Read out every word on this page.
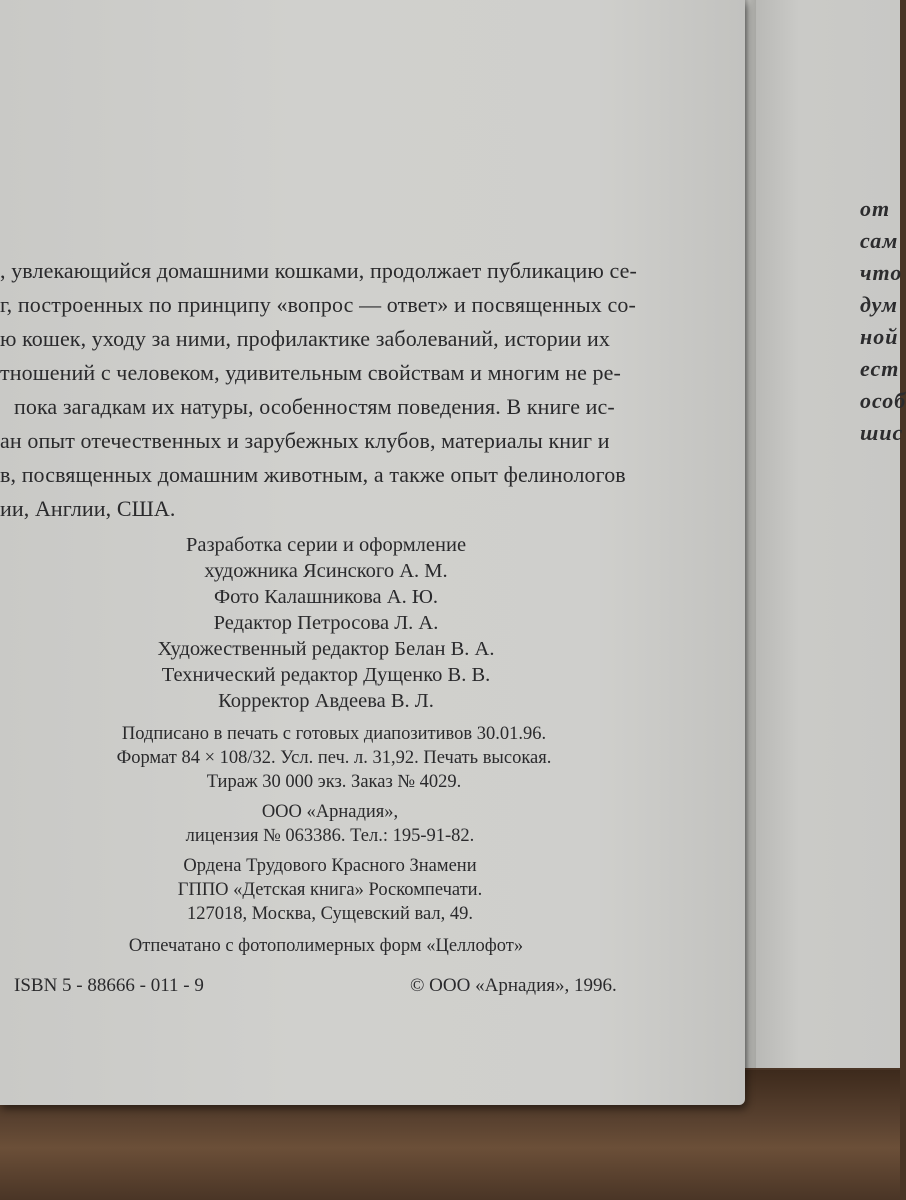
, увлекающийся домашними кошками, продолжает публикацию се-
г, построенных по принципу «вопрос — ответ» и посвященных со-
ю кошек, уходу за ними, профилактике заболеваний, истории их
тношений с человеком, удивительным свойствам и многим не ре-
пока загадкам их натуры, особенностям поведения. В книге ис-
ан опыт отечественных и зарубежных клубов, материалы книг и
в, посвященных домашним животным, а также опыт фелинологов
ии, Англии, США.
Разработка серии и оформление
художника Ясинского А. М.
Фото Калашникова А. Ю.
Редактор Петросова Л. А.
Художественный редактор Белан В. А.
Технический редактор Дущенко В. В.
Корректор Авдеева В. Л.
Подписано в печать с готовых диапозитивов 30.01.96.
Формат 84 × 108/32. Усл. печ. л. 31,92. Печать высокая.
Тираж 30 000 экз. Заказ № 4029.
ООО «Арнадия»,
лицензия № 063386. Тел.: 195-91-82.
Ордена Трудового Красного Знамени
ГППО «Детская книга» Роскомпечати.
127018, Москва, Сущевский вал, 49.
Отпечатано с фотополимерных форм «Целлофот»
ISBN 5 - 88666 - 011 - 9	© ООО «Арнадия», 1996.
от
сам
что
дум
ной
ест
особ
шис
